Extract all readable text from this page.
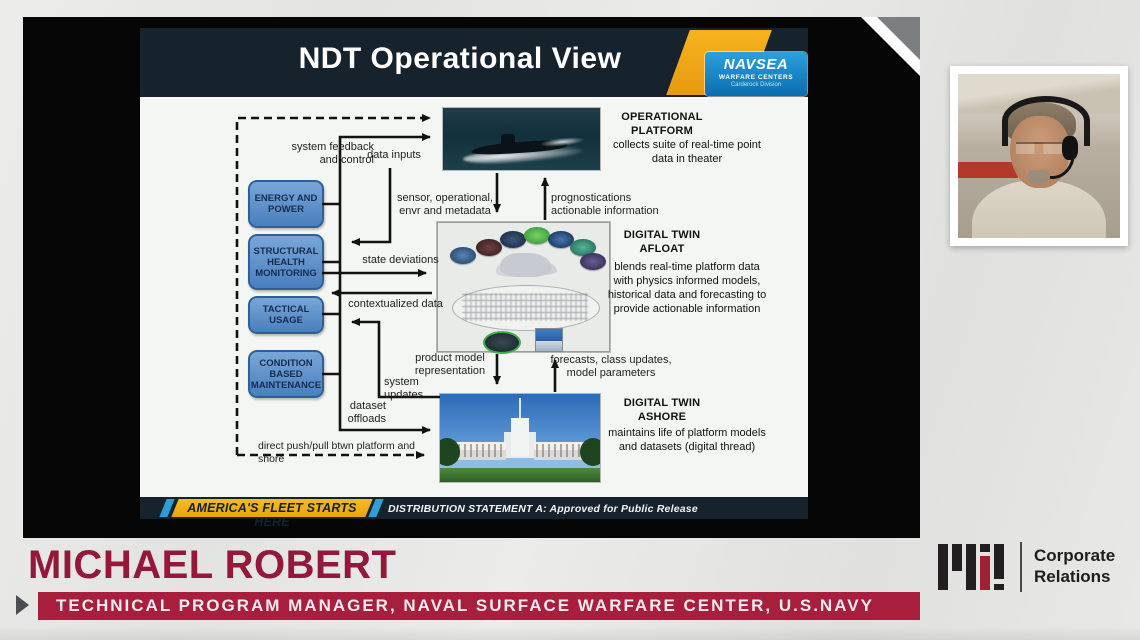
NDT Operational View	NAVSEA
WARFARE CENTERS
Carderock Division
ENERGY AND POWER
STRUCTURAL HEALTH MONITORING
TACTICAL USAGE
CONDITION BASED MAINTENANCE
system feedback and control
data inputs
sensor, operational, envr and metadata
prognostications actionable information
state deviations
contextualized data
product model representation
forecasts, class updates, model parameters
system updates
dataset offloads
direct push/pull btwn platform and shore
OPERATIONAL PLATFORM
collects suite of real-time point data in theater
DIGITAL TWIN AFLOAT
blends real-time platform data with physics informed models, historical data and forecasting to provide actionable information
DIGITAL TWIN ASHORE
maintains life of platform models and datasets (digital thread)
AMERICA'S FLEET STARTS HERE
DISTRIBUTION STATEMENT A: Approved for Public Release
MICHAEL ROBERT
TECHNICAL PROGRAM MANAGER, NAVAL SURFACE WARFARE CENTER, U.S.NAVY
Corporate
Relations
